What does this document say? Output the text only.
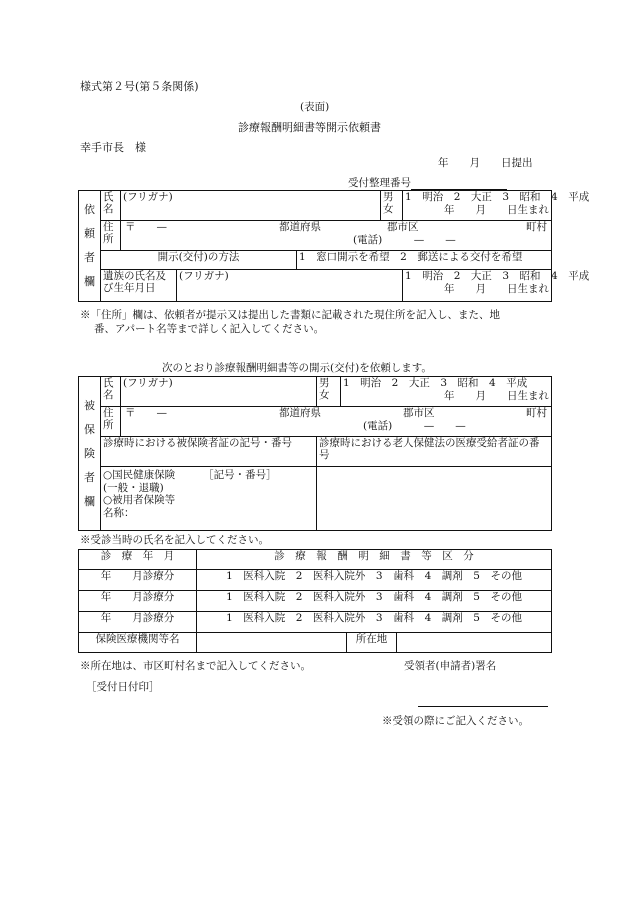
様式第２号(第５条関係)
(表面)
診療報酬明細書等開示依頼書
幸手市長　様
年　　月　　日提出
受付整理番号
依
頼
者
欄	氏名	(フリガナ)			男女	1　明治　2　大正　3　昭和　4　平成
年　　月　　日生まれ

	住所	〒　　— 都道府県 郡市区 町村
(電話)　　　—　　—				

	開示(交付)の方法			1　窓口開示を希望　2　郵送による交付を希望		
	遺族の氏名及び生年月日		(フリガナ)			1　明治　2　大正　3　昭和　4　平成
年　　月　　日生まれ
※「住所」欄は、依頼者が提示又は提出した書類に記載された現住所を記入し、また、地
番、アパート名等まで詳しく記入してください。
次のとおり診療報酬明細書等の開示(交付)を依頼します。
被
保
険
者
欄	氏名	(フリガナ)	男女	1　明治　2　大正　3　昭和　4　平成
年　　月　　日生まれ

	住所	〒　　— 都道府県 郡市区 町村
(電話)　　　—　　—		

	診療時における被保険者証の記号・番号		診療時における老人保健法の医療受給者証の番号	

	○国民健康保険 ［記号・番号］
(一般・退職)
○被用者保険等
名称：			

※受診当時の氏名を記入してください。
診　療　年　月	診　療　報　酬　明　細　書　等　区　分		
年　　月診療分	1　医科入院　2　医科入院外　3　歯科　4　調剤　5　その他		
年　　月診療分	1　医科入院　2　医科入院外　3　歯科　4　調剤　5　その他		
年　　月診療分	1　医科入院　2　医科入院外　3　歯科　4　調剤　5　その他		
保険医療機関等名		所在地	
※所在地は、市区町村名まで記入してください。	受領者(申請者)署名
［受付日付印］
※受領の際にご記入ください。
